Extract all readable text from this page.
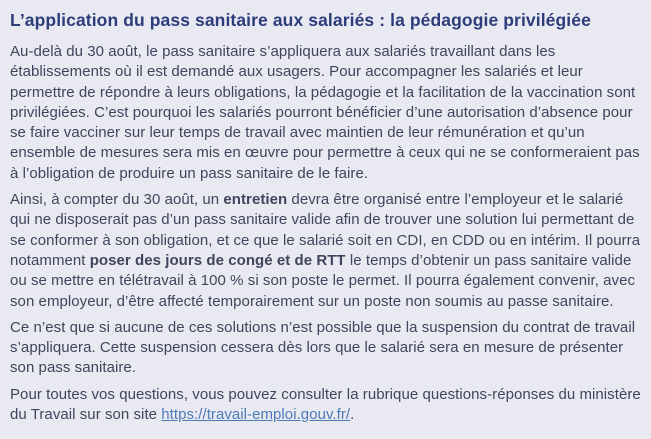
L’application du pass sanitaire aux salariés : la pédagogie privilégiée

Au-delà du 30 août, le pass sanitaire s’appliquera aux salariés travaillant dans les établissements où il est demandé aux usagers. Pour accompagner les salariés et leur permettre de répondre à leurs obligations, la pédagogie et la facilitation de la vaccination sont privilégiées. C’est pourquoi les salariés pourront bénéficier d’une autorisation d’absence pour se faire vacciner sur leur temps de travail avec maintien de leur rémunération et qu’un ensemble de mesures sera mis en œuvre pour permettre à ceux qui ne se conformeraient pas à l’obligation de produire un pass sanitaire de le faire.

Ainsi, à compter du 30 août, un entretien devra être organisé entre l’employeur et le salarié qui ne disposerait pas d’un pass sanitaire valide afin de trouver une solution lui permettant de se conformer à son obligation, et ce que le salarié soit en CDI, en CDD ou en intérim. Il pourra notamment poser des jours de congé et de RTT le temps d’obtenir un pass sanitaire valide ou se mettre en télétravail à 100 % si son poste le permet. Il pourra également convenir, avec son employeur, d’être affecté temporairement sur un poste non soumis au passe sanitaire.

Ce n’est que si aucune de ces solutions n’est possible que la suspension du contrat de travail s’appliquera. Cette suspension cessera dès lors que le salarié sera en mesure de présenter son pass sanitaire.

Pour toutes vos questions, vous pouvez consulter la rubrique questions-réponses du ministère du Travail sur son site https://travail-emploi.gouv.fr/.
